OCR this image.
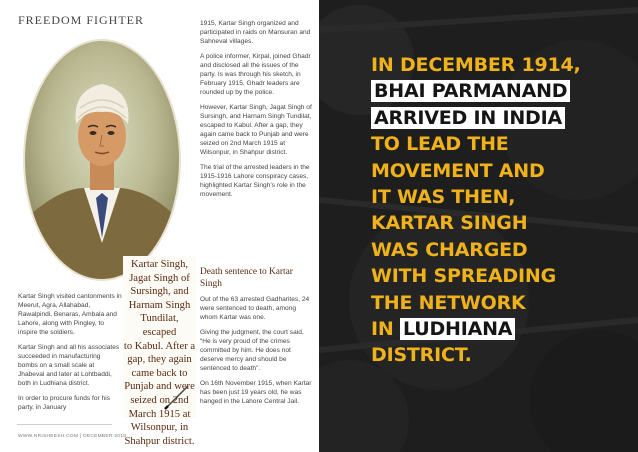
FREEDOM FIGHTER
Kartar Singh,
Jagat Singh of
Sursingh, and
Harnam Singh
Tundilat, escaped
to Kabul. After a
gap, they again
came back to
Punjab and were
seized on 2nd
March 1915 at
Wilsonpur, in
Shahpur district.

Kartar Singh visited cantonments in Meerut, Agra, Allahabad, Rawalpindi, Benaras, Ambala and Lahore, along with Pingley, to inspire the soldiers.

Kartar Singh and all his associates succeeded in manufacturing bombs on a small scale at Jhabeval and later at Lohtbaddi, both in Ludhiana district.

In order to procure funds for his party, in January

1915, Kartar Singh organized and participated in raids on Mansuran and Sahneval villages.

A police informer, Kirpal, joined Ghadr and disclosed all the issues of the party. Is was through his sketch, in February 1915, Ghadr leaders are rounded up by the police.

However, Kartar Singh, Jagat Singh of Sursingh, and Harnam Singh Tundilat, escaped to Kabul. After a gap, they again came back to Punjab and were seized on 2nd March 1915 at Wilsonpur, in Shahpur district.

The trial of the arrested leaders in the 1915-1916 Lahore conspiracy cases, highlighted Kartar Singh’s role in the movement.

Death sentence to Kartar Singh

Out of the 63 arrested Gadharites, 24 were sentenced to death, among whom Kartar was one.

Giving the judgment, the court said, “He is very proud of the crimes committed by him. He does not deserve mercy and should be sentenced to death”.

On 16th November 1915, when Kartar has been just 19 years old, he was hanged in the Lahore Central Jail.

WWW.NRISHEESH.COM | DECEMBER 2018
IN DECEMBER 1914,
BHAI PARMANAND
ARRIVED IN INDIA
TO LEAD THE
MOVEMENT AND
IT WAS THEN,
KARTAR SINGH
WAS CHARGED
WITH SPREADING
THE NETWORK
IN LUDHIANA
DISTRICT.
